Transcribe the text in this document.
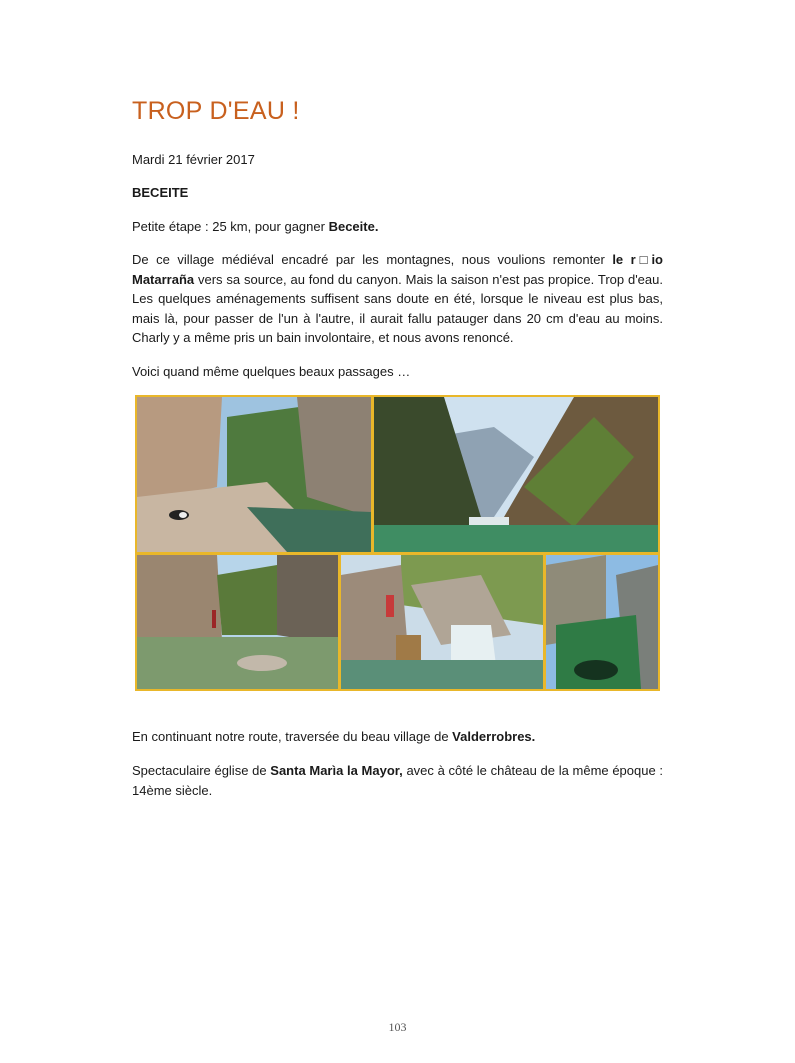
TROP D'EAU !

Mardi 21 février 2017

BECEITE

Petite étape : 25 km, pour gagner Beceite.

De ce village médiéval encadré par les montagnes, nous voulions remonter le r□io Matarraña vers sa source, au fond du canyon. Mais la saison n'est pas propice. Trop d'eau. Les quelques aménagements suffisent sans doute en été, lorsque le niveau est plus bas, mais là, pour passer de l'un à l'autre, il aurait fallu patauger dans 20 cm d'eau au moins. Charly y a même pris un bain involontaire, et nous avons renoncé.

Voici quand même quelques beaux passages …

En continuant notre route, traversée du beau village de Valderrobres.

Spectaculaire église de Santa Marìa la Mayor, avec à côté le château de la même époque : 14ème siècle.

103
